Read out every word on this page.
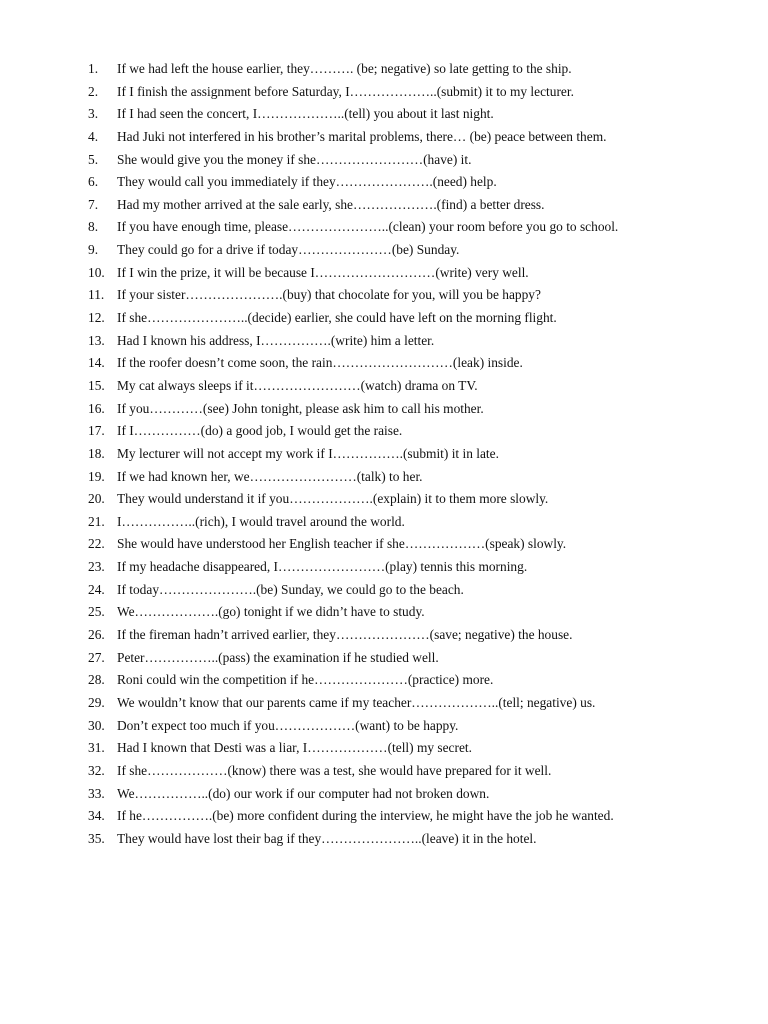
1.	If we had left the house earlier, they………. (be; negative) so late getting to the ship.
2.	If I finish the assignment before Saturday, I………………..(submit) it to my lecturer.
3.	If I had seen the concert, I………………..(tell) you about it last night.
4.	Had Juki not interfered in his brother’s marital problems, there… (be) peace between them.
5.	She would give you the money if she……………………(have) it.
6.	They would call you immediately if they………………….(need) help.
7.	Had my mother arrived at the sale early, she……………….(find) a better dress.
8.	If you have enough time, please…………………..(clean) your room before you go to school.
9.	They could go for a drive if today…………………(be) Sunday.
10. If I win the prize, it will be because I………………………(write) very well.
11. If your sister………………….(buy) that chocolate for you, will you be happy?
12. If she…………………..(decide) earlier, she could have left on the morning flight.
13. Had I known his address, I…………….(write) him a letter.
14. If the roofer doesn’t come soon, the rain………………………(leak) inside.
15. My cat always sleeps if it……………………(watch) drama on TV.
16. If you…………(see) John tonight, please ask him to call his mother.
17. If I……………(do) a good job, I would get the raise.
18. My lecturer will not accept my work if I…………….(submit) it in late.
19. If we had known her, we……………………(talk) to her.
20. They would understand it if you……………….(explain) it to them more slowly.
21. I……………..(rich), I would travel around the world.
22. She would have understood her English teacher if she………………(speak) slowly.
23. If my headache disappeared, I……………………(play) tennis this morning.
24. If today………………….(be) Sunday, we could go to the beach.
25. We……………….(go) tonight if we didn’t have to study.
26. If the fireman hadn’t arrived earlier, they…………………(save; negative) the house.
27. Peter……………..(pass) the examination if he studied well.
28. Roni could win the competition if he…………………(practice) more.
29. We wouldn’t know that our parents came if my teacher………………..(tell; negative) us.
30. Don’t expect too much if you………………(want) to be happy.
31. Had I known that Desti was a liar, I………………(tell) my secret.
32. If she………………(know) there was a test, she would have prepared for it well.
33. We……………..(do) our work if our computer had not broken down.
34. If he…………….(be) more confident during the interview, he might have the job he wanted.
35. They would have lost their bag if they…………………..(leave) it in the hotel.
